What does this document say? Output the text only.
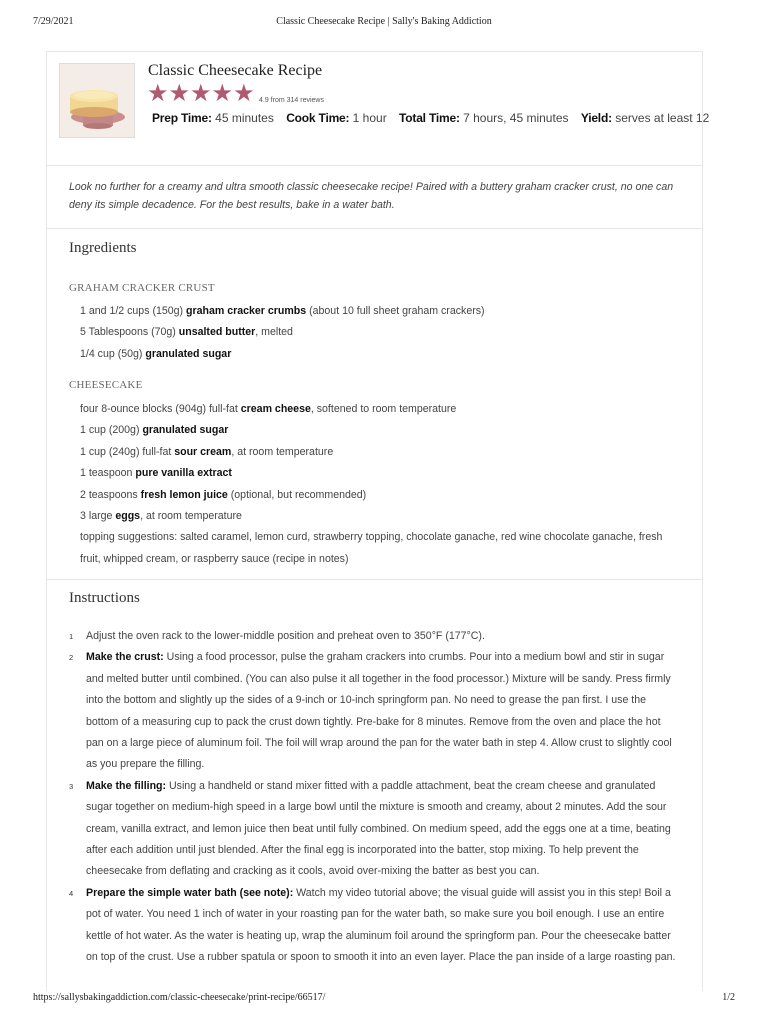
7/29/2021	Classic Cheesecake Recipe | Sally's Baking Addiction
Classic Cheesecake Recipe
★★★★★ 4.9 from 314 reviews
Prep Time: 45 minutes Cook Time: 1 hour Total Time: 7 hours, 45 minutes Yield: serves at least 12
Look no further for a creamy and ultra smooth classic cheesecake recipe! Paired with a buttery graham cracker crust, no one can deny its simple decadence. For the best results, bake in a water bath.
Ingredients
GRAHAM CRACKER CRUST
1 and 1/2 cups (150g) graham cracker crumbs (about 10 full sheet graham crackers)
5 Tablespoons (70g) unsalted butter, melted
1/4 cup (50g) granulated sugar
CHEESECAKE
four 8-ounce blocks (904g) full-fat cream cheese, softened to room temperature
1 cup (200g) granulated sugar
1 cup (240g) full-fat sour cream, at room temperature
1 teaspoon pure vanilla extract
2 teaspoons fresh lemon juice (optional, but recommended)
3 large eggs, at room temperature
topping suggestions: salted caramel, lemon curd, strawberry topping, chocolate ganache, red wine chocolate ganache, fresh fruit, whipped cream, or raspberry sauce (recipe in notes)
Instructions
1 Adjust the oven rack to the lower-middle position and preheat oven to 350°F (177°C).
2 Make the crust: Using a food processor, pulse the graham crackers into crumbs. Pour into a medium bowl and stir in sugar and melted butter until combined. (You can also pulse it all together in the food processor.) Mixture will be sandy. Press firmly into the bottom and slightly up the sides of a 9-inch or 10-inch springform pan. No need to grease the pan first. I use the bottom of a measuring cup to pack the crust down tightly. Pre-bake for 8 minutes. Remove from the oven and place the hot pan on a large piece of aluminum foil. The foil will wrap around the pan for the water bath in step 4. Allow crust to slightly cool as you prepare the filling.
3 Make the filling: Using a handheld or stand mixer fitted with a paddle attachment, beat the cream cheese and granulated sugar together on medium-high speed in a large bowl until the mixture is smooth and creamy, about 2 minutes. Add the sour cream, vanilla extract, and lemon juice then beat until fully combined. On medium speed, add the eggs one at a time, beating after each addition until just blended. After the final egg is incorporated into the batter, stop mixing. To help prevent the cheesecake from deflating and cracking as it cools, avoid over-mixing the batter as best you can.
4 Prepare the simple water bath (see note): Watch my video tutorial above; the visual guide will assist you in this step! Boil a pot of water. You need 1 inch of water in your roasting pan for the water bath, so make sure you boil enough. I use an entire kettle of hot water. As the water is heating up, wrap the aluminum foil around the springform pan. Pour the cheesecake batter on top of the crust. Use a rubber spatula or spoon to smooth it into an even layer. Place the pan inside of a large roasting pan.
https://sallysbakingaddiction.com/classic-cheesecake/print-recipe/66517/	1/2
